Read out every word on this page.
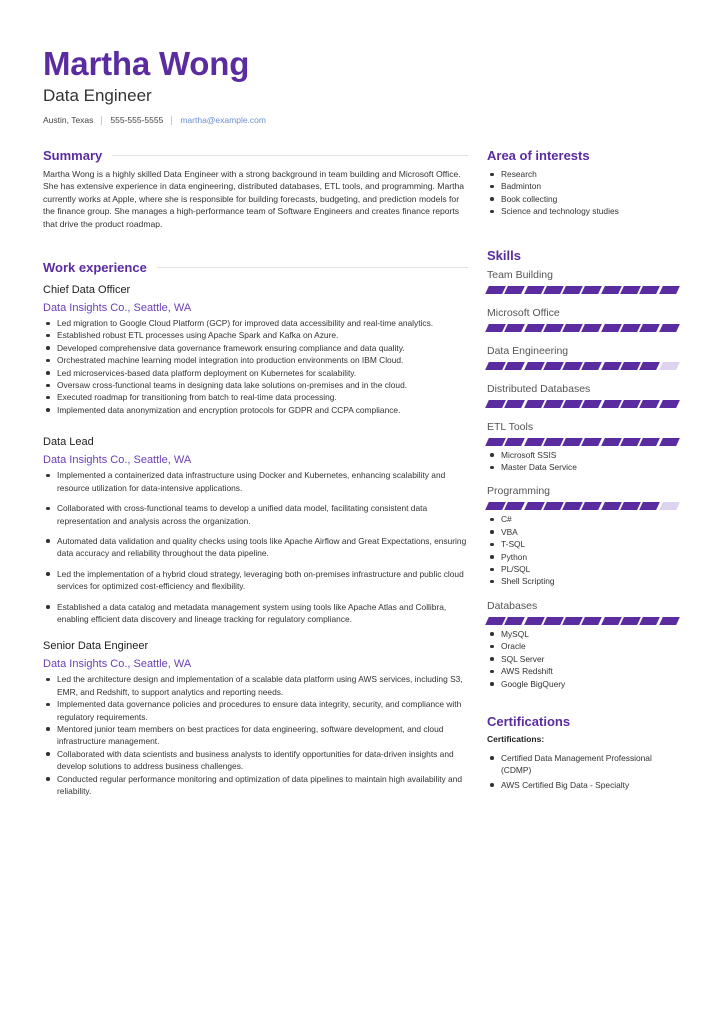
Martha Wong
Data Engineer
Austin, Texas 555-555-5555 martha@example.com
Summary
Martha Wong is a highly skilled Data Engineer with a strong background in team building and Microsoft Office. She has extensive experience in data engineering, distributed databases, ETL tools, and programming. Martha currently works at Apple, where she is responsible for building forecasts, budgeting, and prediction models for the finance group. She manages a high-performance team of Software Engineers and creates finance reports that drive the product roadmap.
Work experience
Chief Data Officer
Data Insights Co., Seattle, WA
Led migration to Google Cloud Platform (GCP) for improved data accessibility and real-time analytics.
Established robust ETL processes using Apache Spark and Kafka on Azure.
Developed comprehensive data governance framework ensuring compliance and data quality.
Orchestrated machine learning model integration into production environments on IBM Cloud.
Led microservices-based data platform deployment on Kubernetes for scalability.
Oversaw cross-functional teams in designing data lake solutions on-premises and in the cloud.
Executed roadmap for transitioning from batch to real-time data processing.
Implemented data anonymization and encryption protocols for GDPR and CCPA compliance.
Data Lead
Data Insights Co., Seattle, WA
Implemented a containerized data infrastructure using Docker and Kubernetes, enhancing scalability and resource utilization for data-intensive applications.
Collaborated with cross-functional teams to develop a unified data model, facilitating consistent data representation and analysis across the organization.
Automated data validation and quality checks using tools like Apache Airflow and Great Expectations, ensuring data accuracy and reliability throughout the data pipeline.
Led the implementation of a hybrid cloud strategy, leveraging both on-premises infrastructure and public cloud services for optimized cost-efficiency and flexibility.
Established a data catalog and metadata management system using tools like Apache Atlas and Collibra, enabling efficient data discovery and lineage tracking for regulatory compliance.
Senior Data Engineer
Data Insights Co., Seattle, WA
Led the architecture design and implementation of a scalable data platform using AWS services, including S3, EMR, and Redshift, to support analytics and reporting needs.
Implemented data governance policies and procedures to ensure data integrity, security, and compliance with regulatory requirements.
Mentored junior team members on best practices for data engineering, software development, and cloud infrastructure management.
Collaborated with data scientists and business analysts to identify opportunities for data-driven insights and develop solutions to address business challenges.
Conducted regular performance monitoring and optimization of data pipelines to maintain high availability and reliability.
Area of interests
Research
Badminton
Book collecting
Science and technology studies
Skills
Team Building
Microsoft Office
Data Engineering
Distributed Databases
ETL Tools
Microsoft SSIS
Master Data Service
Programming
C#
VBA
T-SQL
Python
PL/SQL
Shell Scripting
Databases
MySQL
Oracle
SQL Server
AWS Redshift
Google BigQuery
Certifications
Certifications:
Certified Data Management Professional (CDMP)
AWS Certified Big Data - Specialty
